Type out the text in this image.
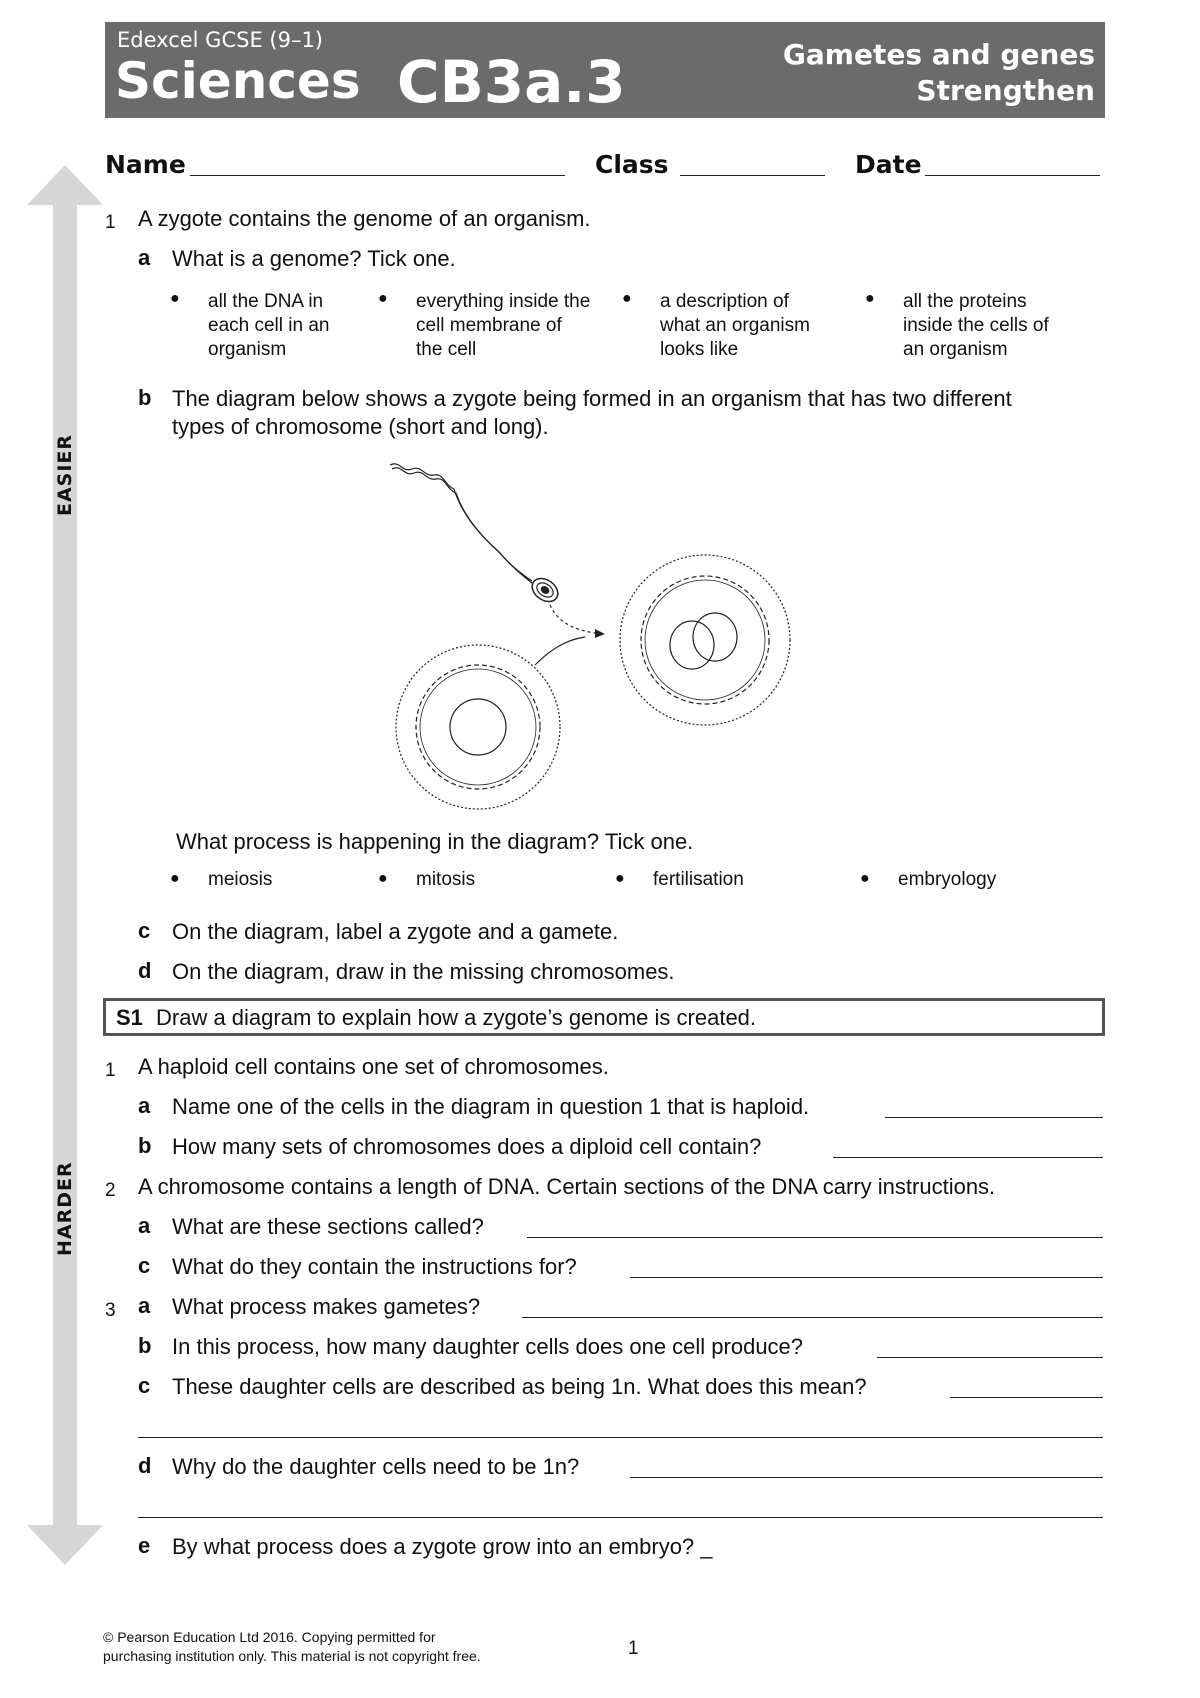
Edexcel GCSE (9–1)
Sciences CB3a.3	Gametes and genes
Strengthen
Name	Class	Date
EASIER
HARDER
1 A zygote contains the genome of an organism.
a What is a genome? Tick one.
● all the DNA in
each cell in an
organism
● everything inside the
cell membrane of
the cell
● a description of
what an organism
looks like
● all the proteins
inside the cells of
an organism
b The diagram below shows a zygote being formed in an organism that has two different
types of chromosome (short and long).
What process is happening in the diagram? Tick one.
● meiosis	● mitosis	● fertilisation	● embryology
c On the diagram, label a zygote and a gamete.
d On the diagram, draw in the missing chromosomes.
S1 Draw a diagram to explain how a zygote’s genome is created.
1 A haploid cell contains one set of chromosomes.
a Name one of the cells in the diagram in question 1 that is haploid.
b How many sets of chromosomes does a diploid cell contain?
2 A chromosome contains a length of DNA. Certain sections of the DNA carry instructions.
a What are these sections called?
c What do they contain the instructions for?
3 a What process makes gametes?
b In this process, how many daughter cells does one cell produce?
c These daughter cells are described as being 1n. What does this mean?
d Why do the daughter cells need to be 1n?
e By what process does a zygote grow into an embryo? _
© Pearson Education Ltd 2016. Copying permitted for
purchasing institution only. This material is not copyright free.	1
